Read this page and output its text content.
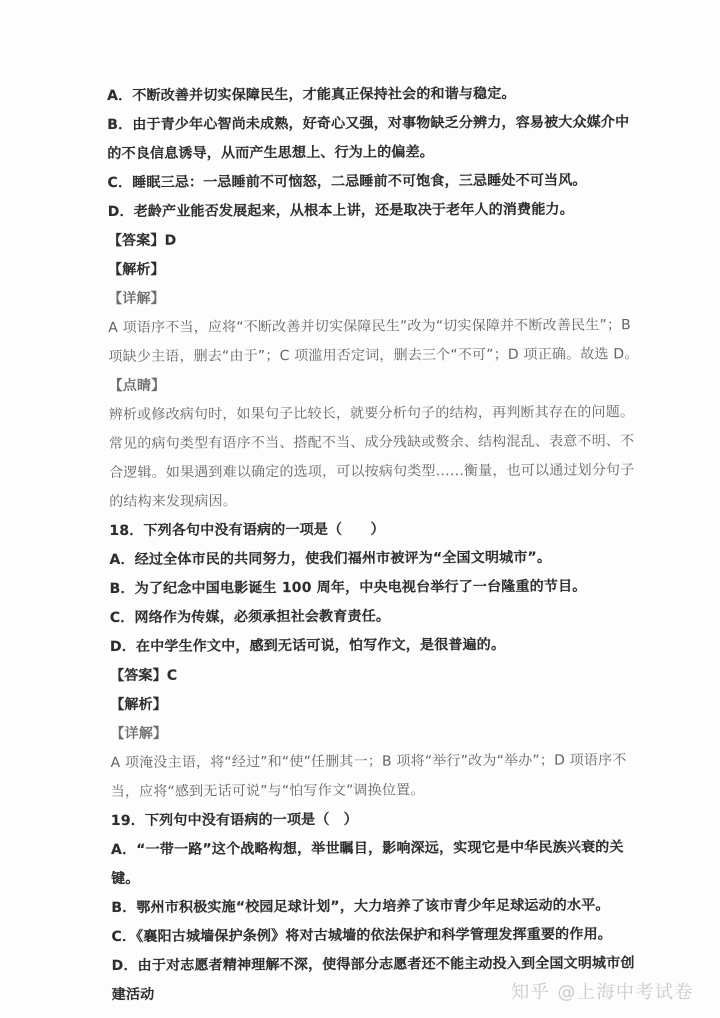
A．不断改善并切实保障民生，才能真正保持社会的和谐与稳定。
B．由于青少年心智尚未成熟，好奇心又强，对事物缺乏分辨力，容易被大众媒介中的不良信息诱导，从而产生思想上、行为上的偏差。
C．睡眠三忌：一忌睡前不可恼怒，二忌睡前不可饱食，三忌睡处不可当风。
D．老龄产业能否发展起来，从根本上讲，还是取决于老年人的消费能力。
【答案】D
【解析】
【详解】
A 项语序不当，应将“不断改善并切实保障民生”改为“切实保障并不断改善民生”；B 项缺少主语，删去“由于”；C 项滥用否定词，删去三个“不可”；D 项正确。故选 D。
【点睛】
辨析或修改病句时，如果句子比较长，就要分析句子的结构，再判断其存在的问题。常见的病句类型有语序不当、搭配不当、成分残缺或赘余、结构混乱、表意不明、不合逻辑。如果遇到难以确定的选项，可以按病句类型……衡量，也可以通过划分句子的结构来发现病因。
18．下列各句中没有语病的一项是（　　）
A．经过全体市民的共同努力，使我们福州市被评为“全国文明城市”。
B．为了纪念中国电影诞生 100 周年，中央电视台举行了一台隆重的节目。
C．网络作为传媒，必须承担社会教育责任。
D．在中学生作文中，感到无话可说，怕写作文，是很普遍的。
【答案】C
【解析】
【详解】
A 项淹没主语，将“经过”和“使”任删其一；B 项将“举行”改为“举办”；D 项语序不当，应将“感到无话可说”与“怕写作文”调换位置。
19．下列句中没有语病的一项是（　）
A．“一带一路”这个战略构想，举世瞩目，影响深远，实现它是中华民族兴衰的关键。
B．鄂州市积极实施“校园足球计划”，大力培养了该市青少年足球运动的水平。
C．《襄阳古城墙保护条例》将对古城墙的依法保护和科学管理发挥重要的作用。
D．由于对志愿者精神理解不深，使得部分志愿者还不能主动投入到全国文明城市创建活动	知乎 @上海中考试卷
